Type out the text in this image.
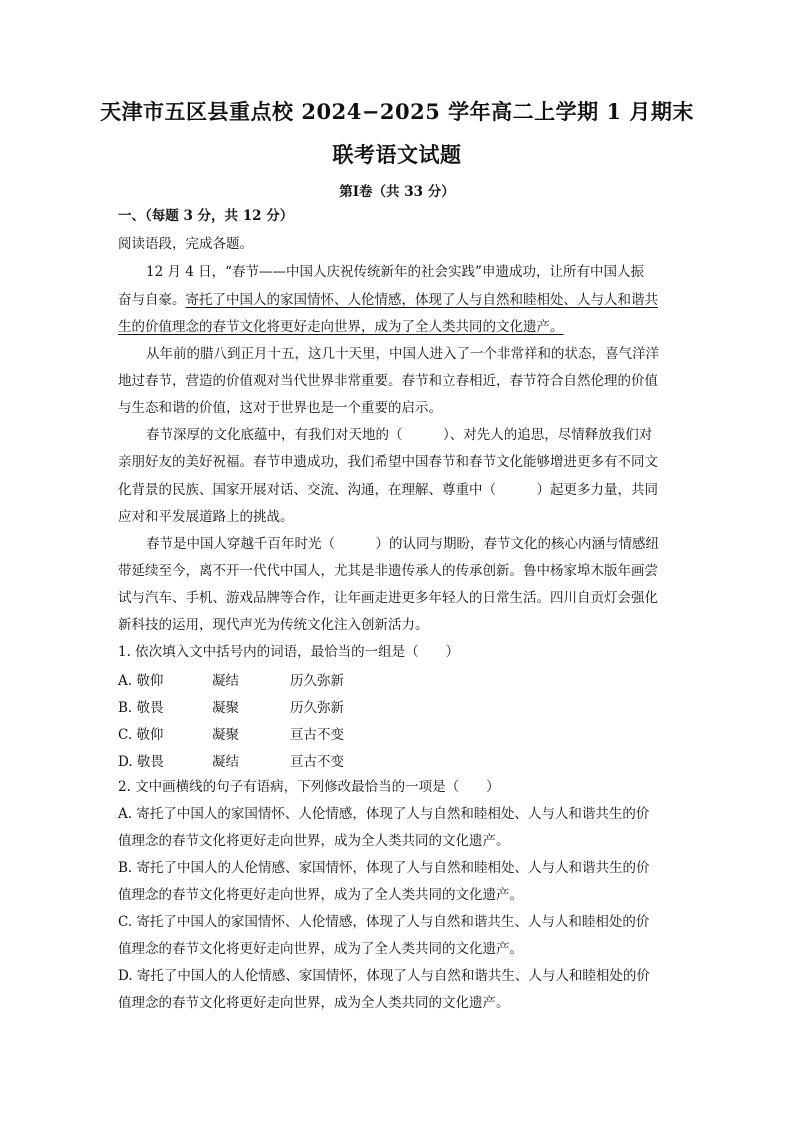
天津市五区县重点校 2024−2025 学年高二上学期 1 月期末
联考语文试题
第Ⅰ卷（共 33 分）
一、（每题 3 分，共 12 分）
阅读语段，完成各题。
12 月 4 日，“春节——中国人庆祝传统新年的社会实践”申遗成功，让所有中国人振
奋与自豪。寄托了中国人的家国情怀、人伦情感，体现了人与自然和睦相处、人与人和谐共
生的价值理念的春节文化将更好走向世界，成为了全人类共同的文化遗产。
从年前的腊八到正月十五，这几十天里，中国人进入了一个非常祥和的状态，喜气洋洋
地过春节，营造的价值观对当代世界非常重要。春节和立春相近，春节符合自然伦理的价值
与生态和谐的价值，这对于世界也是一个重要的启示。
春节深厚的文化底蕴中，有我们对天地的（　　　）、对先人的追思，尽情释放我们对
亲朋好友的美好祝福。春节申遗成功，我们希望中国春节和春节文化能够增进更多有不同文
化背景的民族、国家开展对话、交流、沟通，在理解、尊重中（　　　）起更多力量，共同
应对和平发展道路上的挑战。
春节是中国人穿越千百年时光（　　　）的认同与期盼，春节文化的核心内涵与情感纽
带延续至今，离不开一代代中国人，尤其是非遗传承人的传承创新。鲁中杨家埠木版年画尝
试与汽车、手机、游戏品牌等合作，让年画走进更多年轻人的日常生活。四川自贡灯会强化
新科技的运用，现代声光为传统文化注入创新活力。
1. 依次填入文中括号内的词语，最恰当的一组是（　　）
A. 敬仰	凝结	历久弥新
B. 敬畏	凝聚	历久弥新
C. 敬仰	凝聚	亘古不变
D. 敬畏	凝结	亘古不变
2. 文中画横线的句子有语病，下列修改最恰当的一项是（　　）
A. 寄托了中国人的家国情怀、人伦情感，体现了人与自然和睦相处、人与人和谐共生的价
值理念的春节文化将更好走向世界，成为全人类共同的文化遗产。
B. 寄托了中国人的人伦情感、家国情怀，体现了人与自然和睦相处、人与人和谐共生的价
值理念的春节文化将更好走向世界，成为了全人类共同的文化遗产。
C. 寄托了中国人的家国情怀、人伦情感，体现了人与自然和谐共生、人与人和睦相处的价
值理念的春节文化将更好走向世界，成为了全人类共同的文化遗产。
D. 寄托了中国人的人伦情感、家国情怀，体现了人与自然和谐共生、人与人和睦相处的价
值理念的春节文化将更好走向世界，成为全人类共同的文化遗产。
